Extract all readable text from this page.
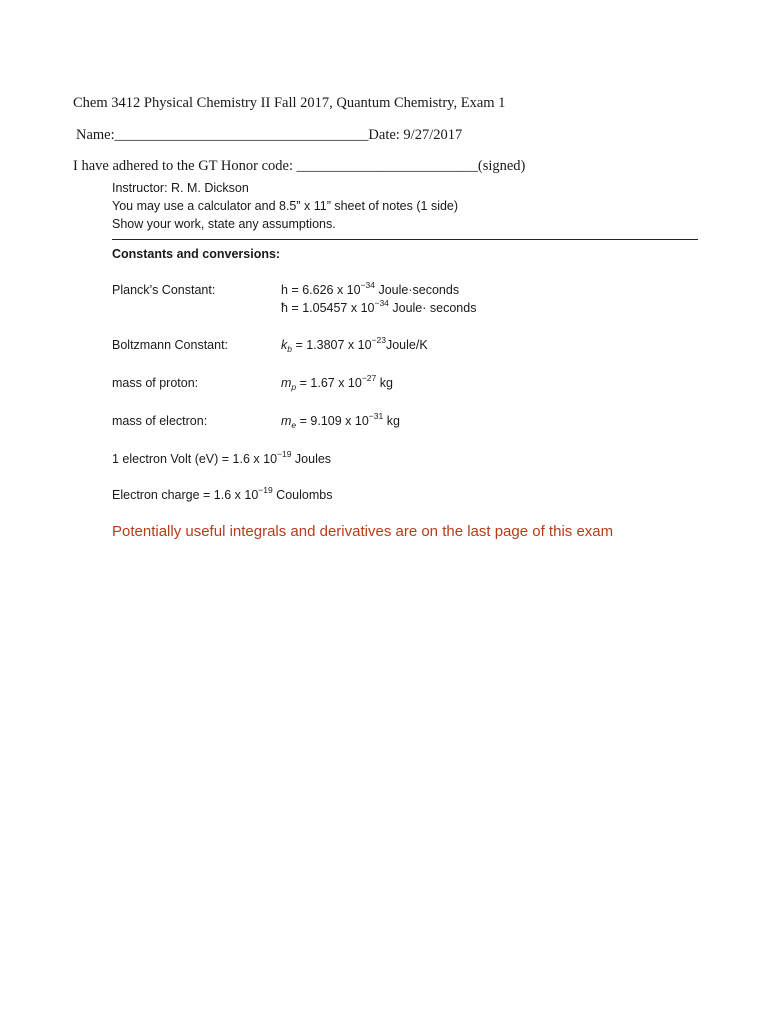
Chem 3412 Physical Chemistry II Fall 2017, Quantum Chemistry, Exam 1
Name:___________________________________Date: 9/27/2017
I have adhered to the GT Honor code: _________________________(signed)
Instructor: R. M. Dickson
You may use a calculator and 8.5” x 11” sheet of notes (1 side)
Show your work, state any assumptions.
Constants and conversions:
Planck’s Constant:	h = 6.626 x $10^{-34}$ Joule·seconds
ħ = 1.05457 x $10^{-34}$ Joule· seconds
Boltzmann Constant:	$k_b = 1.3807$ x $10^{-23}Joule/K$
mass of proton:	$m_p = 1.67$ x $10^{-27}$ kg
mass of electron:	$m_e = 9.109$ x $10^{-31}$ kg
1 electron Volt (eV) = 1.6 x $10^{-19}$ Joules
Electron charge = 1.6 x $10^{-19}$ Coulombs
Potentially useful integrals and derivatives are on the last page of this exam
